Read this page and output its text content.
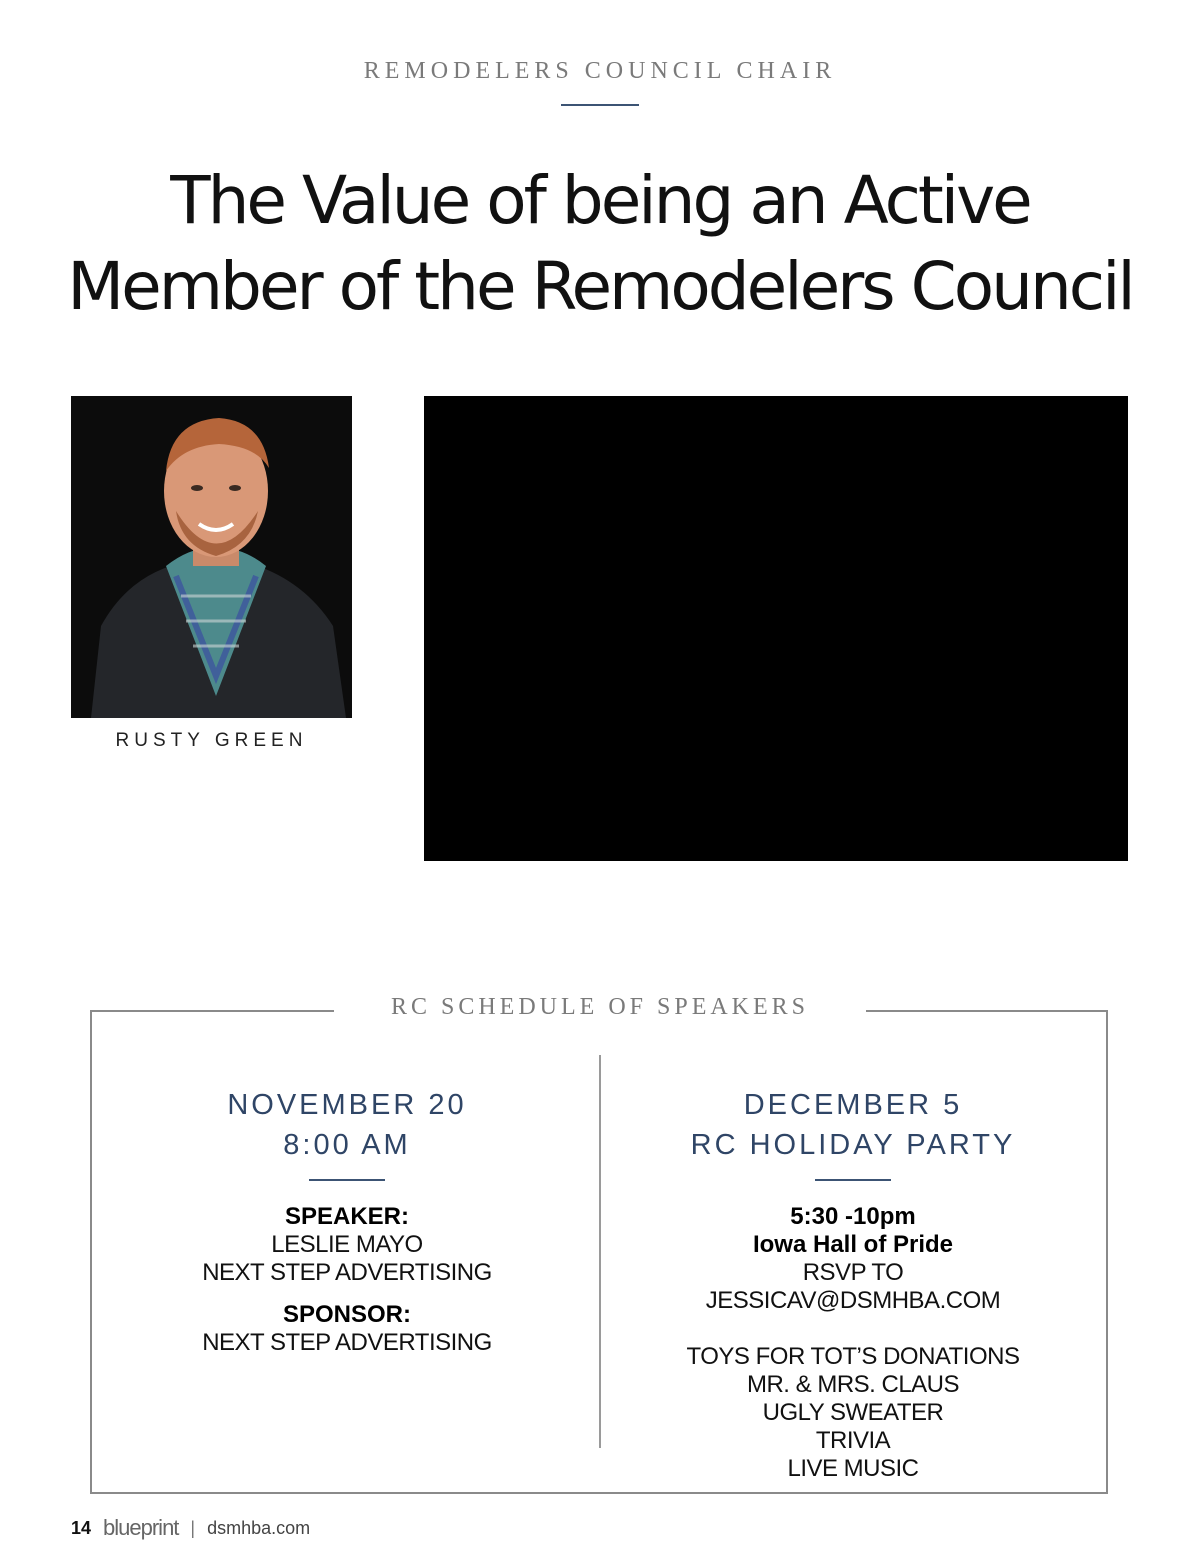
REMODELERS COUNCIL CHAIR
The Value of being an Active
Member of the Remodelers Council
RUSTY GREEN
RC SCHEDULE OF SPEAKERS
NOVEMBER 20
8:00 AM
SPEAKER:
LESLIE MAYO
NEXT STEP ADVERTISING
SPONSOR:
NEXT STEP ADVERTISING
DECEMBER 5
RC HOLIDAY PARTY
5:30 -10pm
Iowa Hall of Pride
RSVP TO JESSICAV@DSMHBA.COM
TOYS FOR TOT’S DONATIONS
MR. & MRS. CLAUS
UGLY SWEATER
TRIVIA
LIVE MUSIC
14 blueprint | dsmhba.com
